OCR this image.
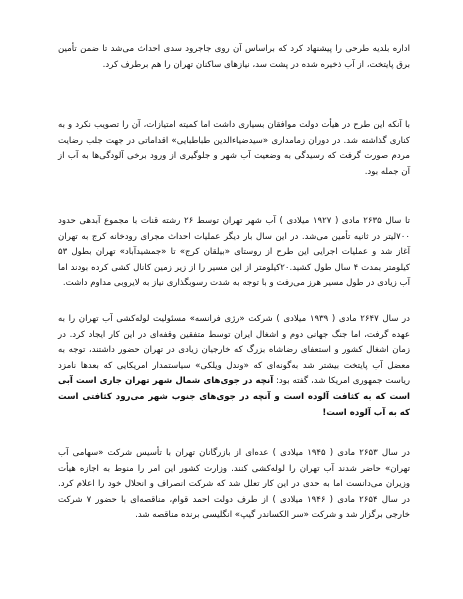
اداره بلدیه طرحی را پیشنهاد کرد که براساس آن روی جاجرود سدی احداث می‌شد تا ضمن تأمین برق پایتخت، از آب ذخیره شده در پشت سد، نیازهای ساکنان تهران را هم برطرف کرد.

با آنکه این طرح در هیأت دولت موافقان بسیاری داشت اما کمیته امتیازات، آن را تصویب نکرد و به کناری گذاشته شد. در دوران زمامداری «سیدضیاءالدین طباطبایی» اقداماتی در جهت جلب رضایت مردم صورت گرفت که رسیدگی به وضعیت آب شهر و جلوگیری از ورود برخی آلودگی‌ها به آب از آن جمله بود.

تا سال ۲۶۳۵ مادی ( ۱۹۲۷ میلادی ) آب شهر تهران توسط ۲۶ رشته قنات با مجموع آبدهی حدود ۷۰۰لیتر در ثانیه تأمین می‌شد. در این سال بار دیگر عملیات احداث مجرای رودخانه کرج به تهران آغاز شد و عملیات اجرایی این طرح از روستای «بیلقان کرج» تا «جمشیدآباد» تهران بطول ۵۳ کیلومتر بمدت ۴ سال طول کشید.۲۰کیلومتر از این مسیر را از زیر زمین کانال کشی کرده بودند اما آب زیادی در طول مسیر هرز می‌رفت و با توجه به شدت رسوبگذاری نیاز به لایروبی مداوم داشت.

در سال ۲۶۴۷ مادی ( ۱۹۳۹ میلادی ) شرکت «رژی فرانسه» مسئولیت لوله‌کشی آب تهران را به عهده گرفت، اما جنگ جهانی دوم و اشغال ایران توسط متفقین وقفه‌ای در این کار ایجاد کرد. در زمان اشغال کشور و استعفای رضاشاه بزرگ که خارجیان زیادی در تهران حضور داشتند، توجه به معضل آب پایتخت بیشتر شد به‌گونه‌ای که «وندل ویلکی» سیاستمدار امریکایی که بعدها نامزد ریاست جمهوری امریکا شد، گفته بود: آنچه در جوی‌های شمال شهر تهران جاری است آبی است که به کثافت آلوده است و آنچه در جوی‌های جنوب شهر می‌رود کثافتی است که به آب آلوده است!

در سال ۲۶۵۳ مادی ( ۱۹۴۵ میلادی ) عده‌ای از بازرگانان تهران با تأسیس شرکت «سهامی آب تهران» حاضر شدند آب تهران را لوله‌کشی کنند. وزارت کشور این امر را منوط به اجازه هیأت وزیران می‌دانست اما به حدی در این کار تعلل شد که شرکت انصراف و انحلال خود را اعلام کرد. در سال ۲۶۵۴ مادی ( ۱۹۴۶ میلادی ) از طرف دولت احمد قوام، مناقصه‌ای با حضور ۷ شرکت خارجی برگزار شد و شرکت «سر الکساندر گیپ» انگلیسی برنده مناقصه شد.
